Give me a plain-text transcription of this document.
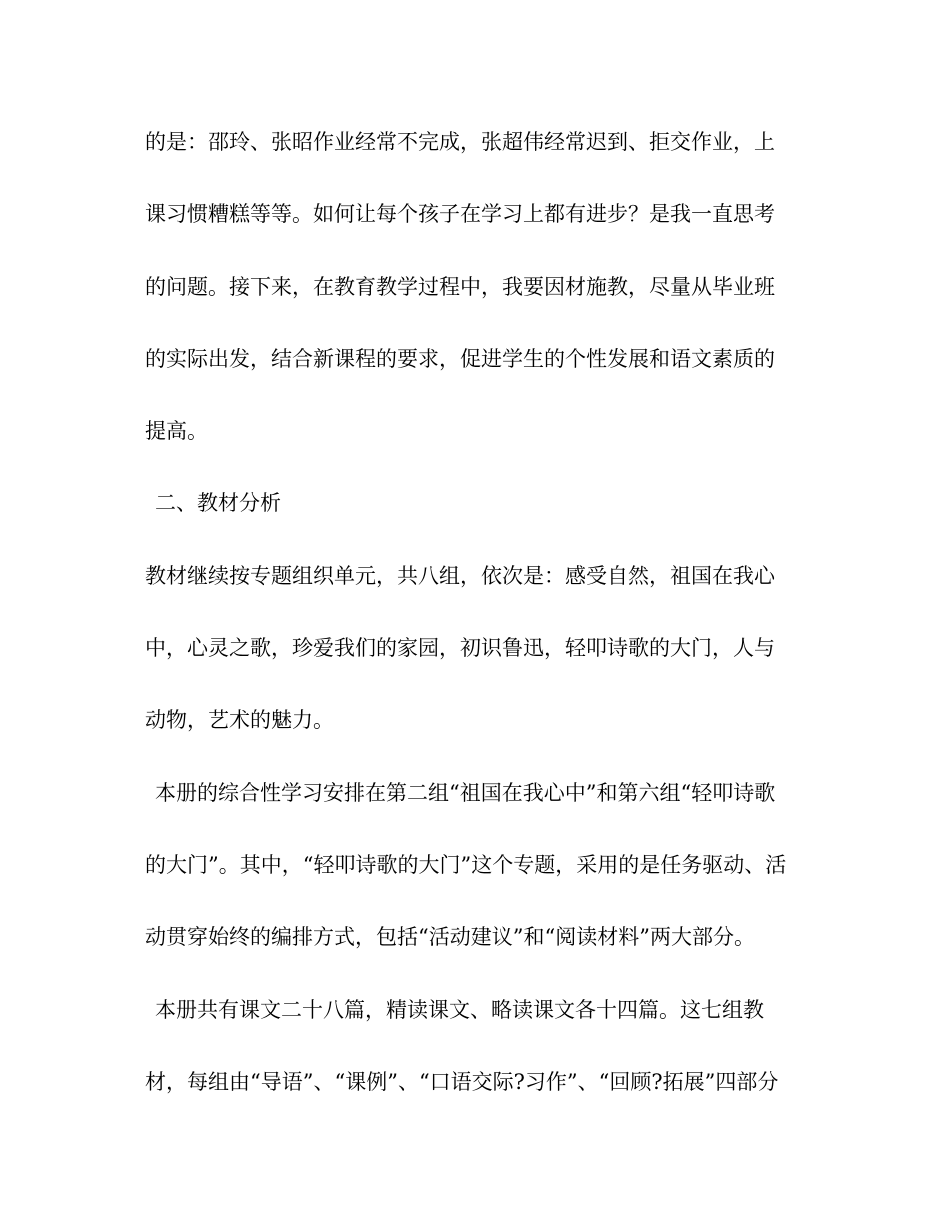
的是：邵玲、张昭作业经常不完成，张超伟经常迟到、拒交作业，上
课习惯糟糕等等。如何让每个孩子在学习上都有进步？是我一直思考
的问题。接下来，在教育教学过程中，我要因材施教，尽量从毕业班
的实际出发，结合新课程的要求，促进学生的个性发展和语文素质的
提高。
二、教材分析
教材继续按专题组织单元，共八组，依次是：感受自然，祖国在我心
中，心灵之歌，珍爱我们的家园，初识鲁迅，轻叩诗歌的大门，人与
动物，艺术的魅力。
本册的综合性学习安排在第二组“祖国在我心中”和第六组“轻叩诗歌
的大门”。其中，“轻叩诗歌的大门”这个专题，采用的是任务驱动、活
动贯穿始终的编排方式，包括“活动建议”和“阅读材料”两大部分。
本册共有课文二十八篇，精读课文、略读课文各十四篇。这七组教
材，每组由“导语”、“课例”、“口语交际?习作”、“回顾?拓展”四部分
